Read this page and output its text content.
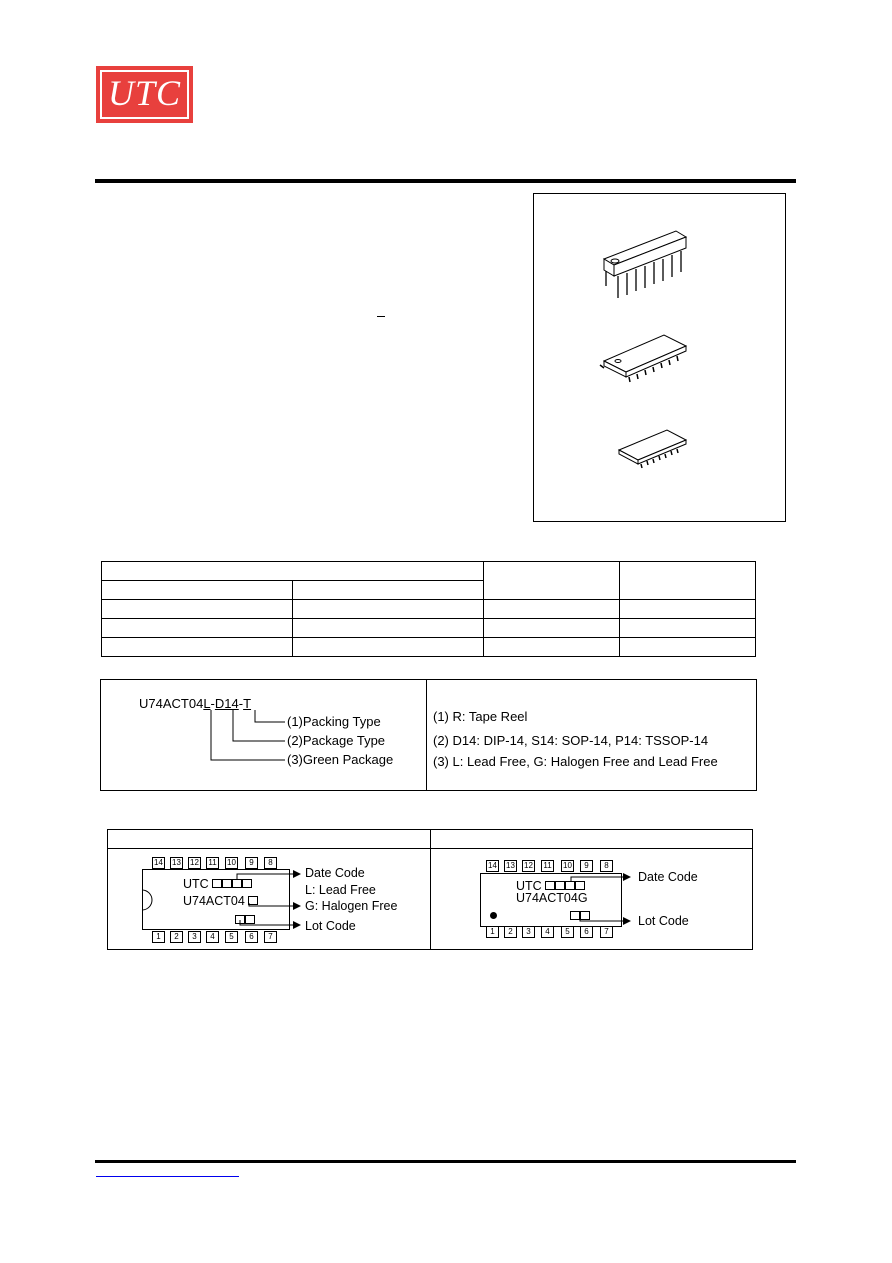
UTC

U74ACT04L-D14-T
(1)Packing Type
(2)Package Type
(3)Green Package
(1) R: Tape Reel
(2) D14: DIP-14, S14: SOP-14, P14: TSSOP-14
(3) L: Lead Free, G: Halogen Free and Lead Free
14 13 12 11 10	9	8
1	2	3	4	5	6	7
UTC
U74ACT04
Date Code
L: Lead Free
G: Halogen Free
Lot Code
14 13 12 11 10	9	8
1	2	3	4	5	6	7
UTC
U74ACT04G
Date Code
Lot Code
